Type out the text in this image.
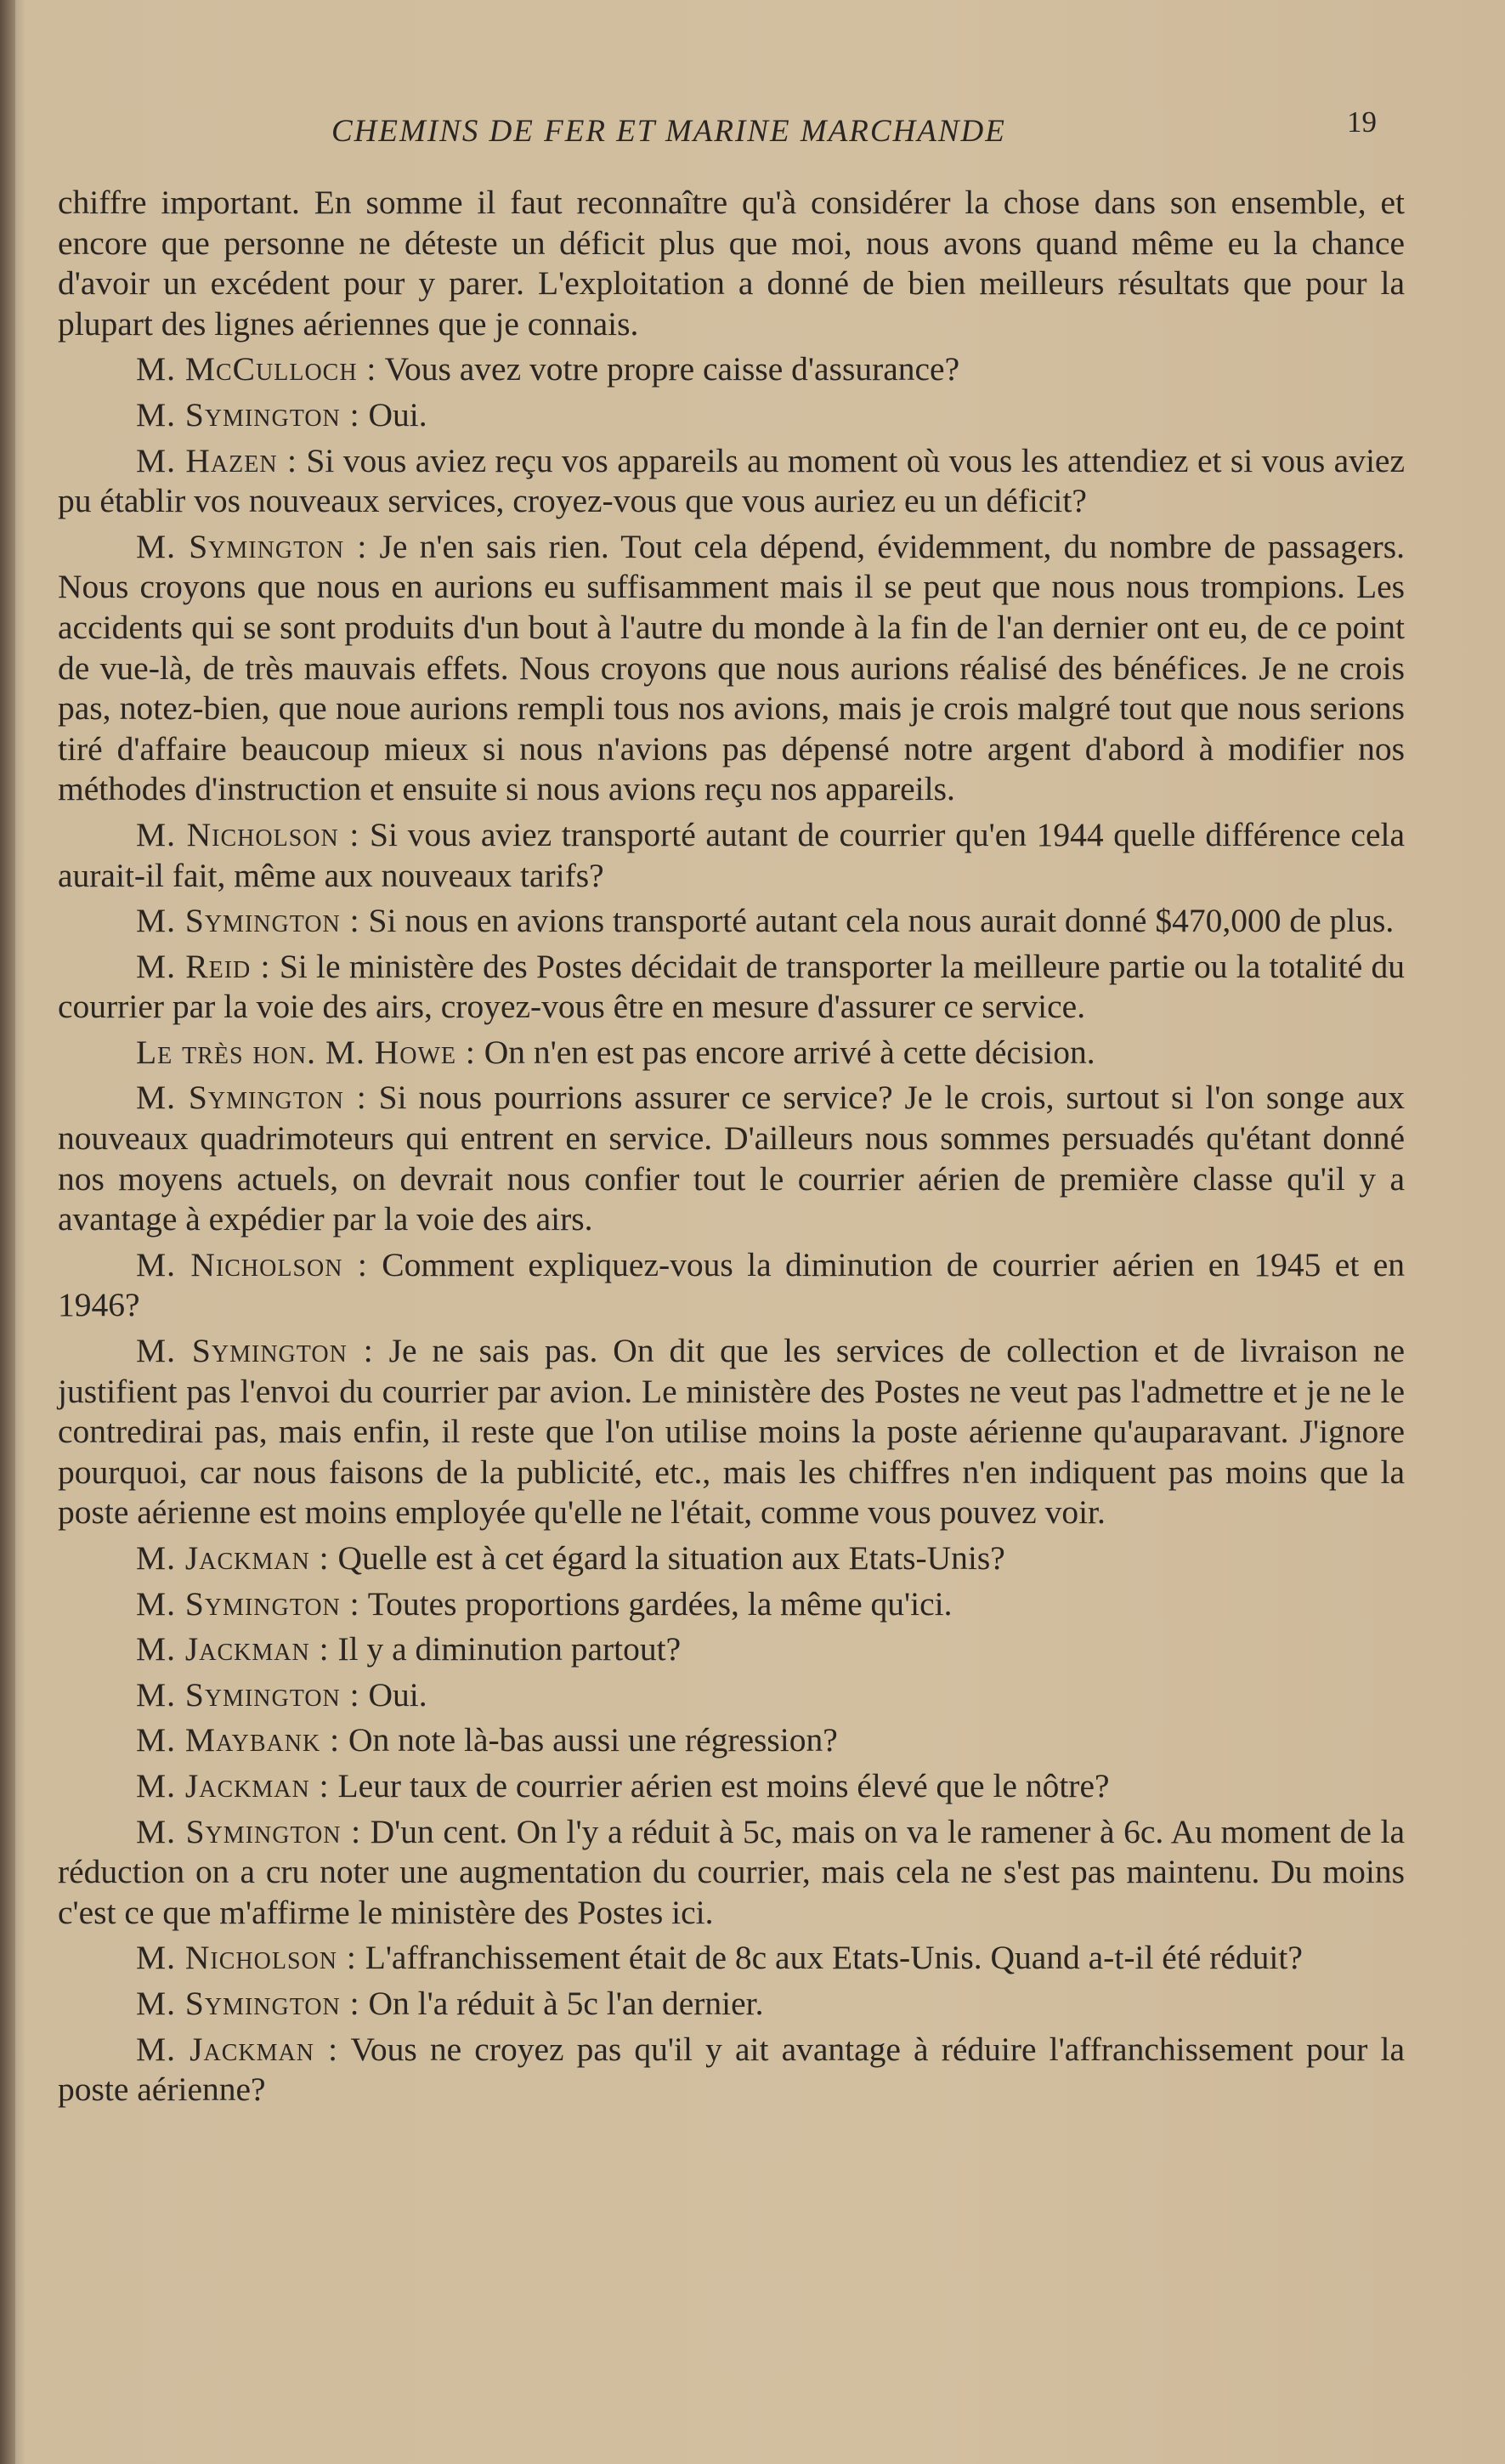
CHEMINS DE FER ET MARINE MARCHANDE	19

chiffre important. En somme il faut reconnaître qu'à considérer la chose dans son ensemble, et encore que personne ne déteste un déficit plus que moi, nous avons quand même eu la chance d'avoir un excédent pour y parer. L'exploitation a donné de bien meilleurs résultats que pour la plupart des lignes aériennes que je connais.

M. McCulloch : Vous avez votre propre caisse d'assurance?

M. Symington : Oui.

M. Hazen : Si vous aviez reçu vos appareils au moment où vous les attendiez et si vous aviez pu établir vos nouveaux services, croyez-vous que vous auriez eu un déficit?

M. Symington : Je n'en sais rien. Tout cela dépend, évidemment, du nombre de passagers. Nous croyons que nous en aurions eu suffisamment mais il se peut que nous nous trompions. Les accidents qui se sont produits d'un bout à l'autre du monde à la fin de l'an dernier ont eu, de ce point de vue-là, de très mauvais effets. Nous croyons que nous aurions réalisé des bénéfices. Je ne crois pas, notez-bien, que noue aurions rempli tous nos avions, mais je crois malgré tout que nous serions tiré d'affaire beaucoup mieux si nous n'avions pas dépensé notre argent d'abord à modifier nos méthodes d'instruction et ensuite si nous avions reçu nos appareils.

M. Nicholson : Si vous aviez transporté autant de courrier qu'en 1944 quelle différence cela aurait-il fait, même aux nouveaux tarifs?

M. Symington : Si nous en avions transporté autant cela nous aurait donné $470,000 de plus.

M. Reid : Si le ministère des Postes décidait de transporter la meilleure partie ou la totalité du courrier par la voie des airs, croyez-vous être en mesure d'assurer ce service.

Le très hon. M. Howe : On n'en est pas encore arrivé à cette décision.

M. Symington : Si nous pourrions assurer ce service? Je le crois, surtout si l'on songe aux nouveaux quadrimoteurs qui entrent en service. D'ailleurs nous sommes persuadés qu'étant donné nos moyens actuels, on devrait nous confier tout le courrier aérien de première classe qu'il y a avantage à expédier par la voie des airs.

M. Nicholson : Comment expliquez-vous la diminution de courrier aérien en 1945 et en 1946?

M. Symington : Je ne sais pas. On dit que les services de collection et de livraison ne justifient pas l'envoi du courrier par avion. Le ministère des Postes ne veut pas l'admettre et je ne le contredirai pas, mais enfin, il reste que l'on utilise moins la poste aérienne qu'auparavant. J'ignore pourquoi, car nous faisons de la publicité, etc., mais les chiffres n'en indiquent pas moins que la poste aérienne est moins employée qu'elle ne l'était, comme vous pouvez voir.

M. Jackman : Quelle est à cet égard la situation aux Etats-Unis?

M. Symington : Toutes proportions gardées, la même qu'ici.

M. Jackman : Il y a diminution partout?

M. Symington : Oui.

M. Maybank : On note là-bas aussi une régression?

M. Jackman : Leur taux de courrier aérien est moins élevé que le nôtre?

M. Symington : D'un cent. On l'y a réduit à 5c, mais on va le ramener à 6c. Au moment de la réduction on a cru noter une augmentation du courrier, mais cela ne s'est pas maintenu. Du moins c'est ce que m'affirme le ministère des Postes ici.

M. Nicholson : L'affranchissement était de 8c aux Etats-Unis. Quand a-t-il été réduit?

M. Symington : On l'a réduit à 5c l'an dernier.

M. Jackman : Vous ne croyez pas qu'il y ait avantage à réduire l'affranchissement pour la poste aérienne?
